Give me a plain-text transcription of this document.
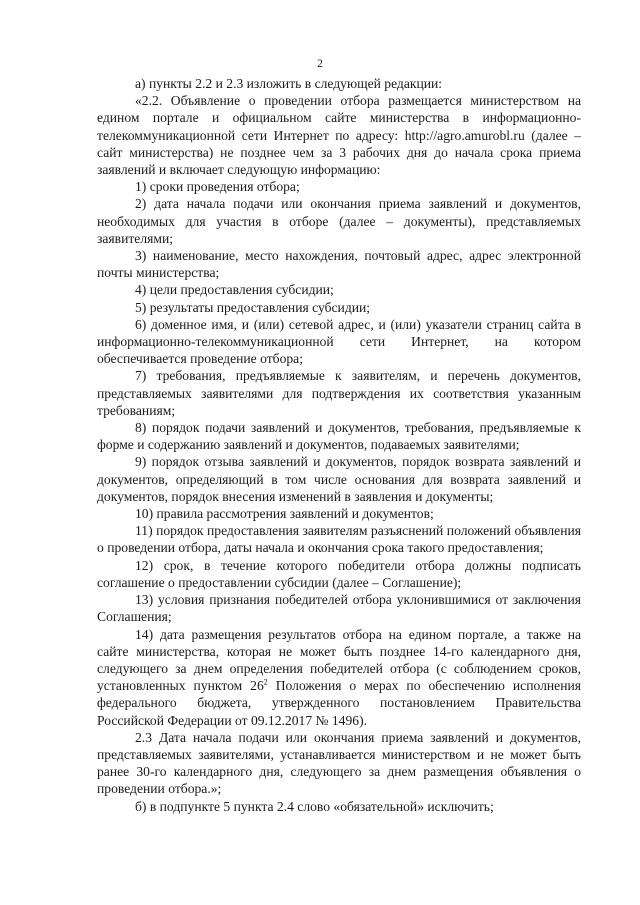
2

а) пункты 2.2 и 2.3 изложить в следующей редакции:

«2.2. Объявление о проведении отбора размещается министерством на едином портале и официальном сайте министерства в информационно-телекоммуникационной сети Интернет по адресу: http://agro.amurobl.ru (далее – сайт министерства) не позднее чем за 3 рабочих дня до начала срока приема заявлений и включает следующую информацию:

1) сроки проведения отбора;

2) дата начала подачи или окончания приема заявлений и документов, необходимых для участия в отборе (далее – документы), представляемых заявителями;

3) наименование, место нахождения, почтовый адрес, адрес электронной почты министерства;

4) цели предоставления субсидии;

5) результаты предоставления субсидии;

6) доменное имя, и (или) сетевой адрес, и (или) указатели страниц сайта в информационно-телекоммуникационной сети Интернет, на котором обеспечивается проведение отбора;

7) требования, предъявляемые к заявителям, и перечень документов, представляемых заявителями для подтверждения их соответствия указанным требованиям;

8) порядок подачи заявлений и документов, требования, предъявляемые к форме и содержанию заявлений и документов, подаваемых заявителями;

9) порядок отзыва заявлений и документов, порядок возврата заявлений и документов, определяющий в том числе основания для возврата заявлений и документов, порядок внесения изменений в заявления и документы;

10) правила рассмотрения заявлений и документов;

11) порядок предоставления заявителям разъяснений положений объявления о проведении отбора, даты начала и окончания срока такого предоставления;

12) срок, в течение которого победители отбора должны подписать соглашение о предоставлении субсидии (далее – Соглашение);

13) условия признания победителей отбора уклонившимися от заключения Соглашения;

14) дата размещения результатов отбора на едином портале, а также на сайте министерства, которая не может быть позднее 14-го календарного дня, следующего за днем определения победителей отбора (с соблюдением сроков, установленных пунктом $26^2$ Положения о мерах по обеспечению исполнения федерального бюджета, утвержденного постановлением Правительства Российской Федерации от 09.12.2017 № 1496).

2.3 Дата начала подачи или окончания приема заявлений и документов, представляемых заявителями, устанавливается министерством и не может быть ранее 30-го календарного дня, следующего за днем размещения объявления о проведении отбора.»;

б) в подпункте 5 пункта 2.4 слово «обязательной» исключить;
